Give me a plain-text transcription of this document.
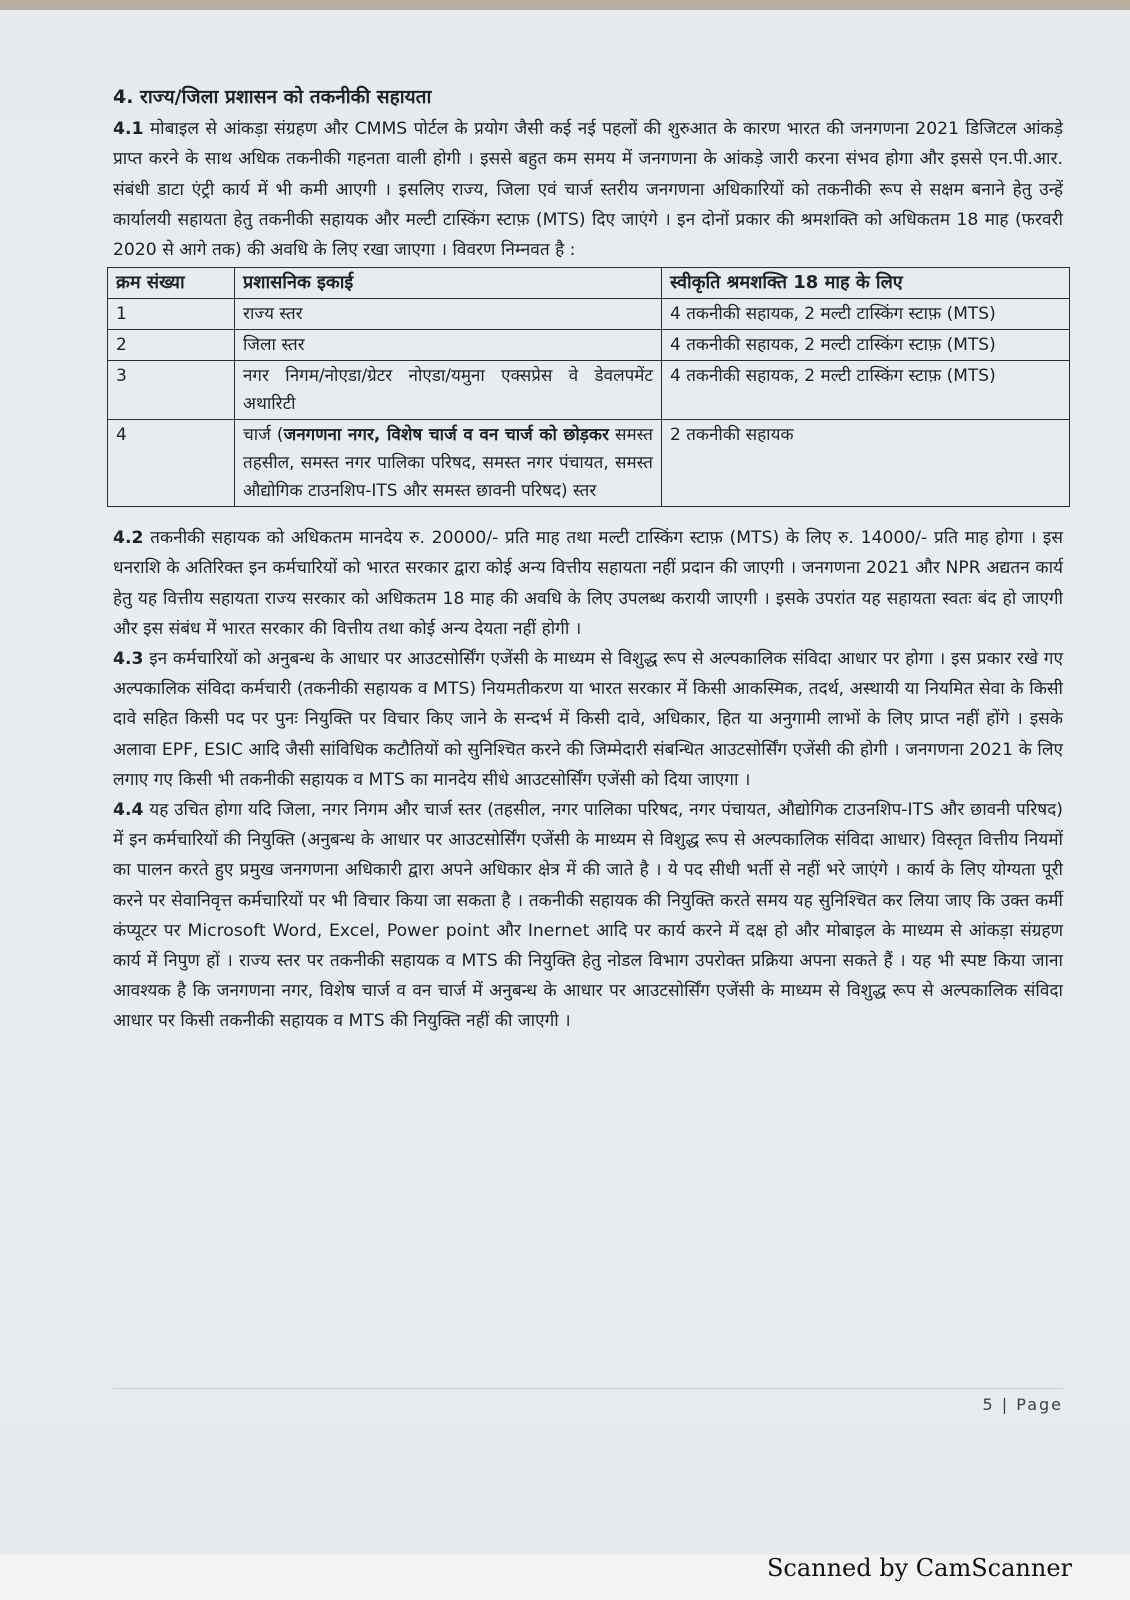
4. राज्य/जिला प्रशासन को तकनीकी सहायता

4.1 मोबाइल से आंकड़ा संग्रहण और CMMS पोर्टल के प्रयोग जैसी कई नई पहलों की शुरुआत के कारण भारत की जनगणना 2021 डिजिटल आंकड़े प्राप्त करने के साथ अधिक तकनीकी गहनता वाली होगी । इससे बहुत कम समय में जनगणना के आंकड़े जारी करना संभव होगा और इससे एन.पी.आर. संबंधी डाटा एंट्री कार्य में भी कमी आएगी । इसलिए राज्य, जिला एवं चार्ज स्तरीय जनगणना अधिकारियों को तकनीकी रूप से सक्षम बनाने हेतु उन्हें कार्यालयी सहायता हेतु तकनीकी सहायक और मल्टी टास्किंग स्टाफ़ (MTS) दिए जाएंगे । इन दोनों प्रकार की श्रमशक्ति को अधिकतम 18 माह (फरवरी 2020 से आगे तक) की अवधि के लिए रखा जाएगा । विवरण निम्नवत है :

क्रम संख्या	प्रशासनिक इकाई	स्वीकृति श्रमशक्ति 18 माह के लिए
1	राज्य स्तर	4 तकनीकी सहायक, 2 मल्टी टास्किंग स्टाफ़ (MTS)
2	जिला स्तर	4 तकनीकी सहायक, 2 मल्टी टास्किंग स्टाफ़ (MTS)
3	नगर निगम/नोएडा/ग्रेटर नोएडा/यमुना एक्सप्रेस वे डेवलपमेंट अथारिटी	4 तकनीकी सहायक, 2 मल्टी टास्किंग स्टाफ़ (MTS)
4	चार्ज (जनगणना नगर, विशेष चार्ज व वन चार्ज को छोड़कर समस्त तहसील, समस्त नगर पालिका परिषद, समस्त नगर पंचायत, समस्त औद्योगिक टाउनशिप-ITS और समस्त छावनी परिषद) स्तर	2 तकनीकी सहायक

4.2 तकनीकी सहायक को अधिकतम मानदेय रु. 20000/- प्रति माह तथा मल्टी टास्किंग स्टाफ़ (MTS) के लिए रु. 14000/- प्रति माह होगा । इस धनराशि के अतिरिक्त इन कर्मचारियों को भारत सरकार द्वारा कोई अन्य वित्तीय सहायता नहीं प्रदान की जाएगी । जनगणना 2021 और NPR अद्यतन कार्य हेतु यह वित्तीय सहायता राज्य सरकार को अधिकतम 18 माह की अवधि के लिए उपलब्ध करायी जाएगी । इसके उपरांत यह सहायता स्वतः बंद हो जाएगी और इस संबंध में भारत सरकार की वित्तीय तथा कोई अन्य देयता नहीं होगी ।

4.3 इन कर्मचारियों को अनुबन्ध के आधार पर आउटसोर्सिंग एजेंसी के माध्यम से विशुद्ध रूप से अल्पकालिक संविदा आधार पर होगा । इस प्रकार रखे गए अल्पकालिक संविदा कर्मचारी (तकनीकी सहायक व MTS) नियमतीकरण या भारत सरकार में किसी आकस्मिक, तदर्थ, अस्थायी या नियमित सेवा के किसी दावे सहित किसी पद पर पुनः नियुक्ति पर विचार किए जाने के सन्दर्भ में किसी दावे, अधिकार, हित या अनुगामी लाभों के लिए प्राप्त नहीं होंगे । इसके अलावा EPF, ESIC आदि जैसी सांविधिक कटौतियों को सुनिश्चित करने की जिम्मेदारी संबन्धित आउटसोर्सिंग एजेंसी की होगी । जनगणना 2021 के लिए लगाए गए किसी भी तकनीकी सहायक व MTS का मानदेय सीधे आउटसोर्सिंग एजेंसी को दिया जाएगा ।

4.4 यह उचित होगा यदि जिला, नगर निगम और चार्ज स्तर (तहसील, नगर पालिका परिषद, नगर पंचायत, औद्योगिक टाउनशिप-ITS और छावनी परिषद) में इन कर्मचारियों की नियुक्ति (अनुबन्ध के आधार पर आउटसोर्सिंग एजेंसी के माध्यम से विशुद्ध रूप से अल्पकालिक संविदा आधार) विस्तृत वित्तीय नियमों का पालन करते हुए प्रमुख जनगणना अधिकारी द्वारा अपने अधिकार क्षेत्र में की जाते है । ये पद सीधी भर्ती से नहीं भरे जाएंगे । कार्य के लिए योग्यता पूरी करने पर सेवानिवृत्त कर्मचारियों पर भी विचार किया जा सकता है । तकनीकी सहायक की नियुक्ति करते समय यह सुनिश्चित कर लिया जाए कि उक्त कर्मी कंप्यूटर पर Microsoft Word, Excel, Power point और Inernet आदि पर कार्य करने में दक्ष हो और मोबाइल के माध्यम से आंकड़ा संग्रहण कार्य में निपुण हों । राज्य स्तर पर तकनीकी सहायक व MTS की नियुक्ति हेतु नोडल विभाग उपरोक्त प्रक्रिया अपना सकते हैं । यह भी स्पष्ट किया जाना आवश्यक है कि जनगणना नगर, विशेष चार्ज व वन चार्ज में अनुबन्ध के आधार पर आउटसोर्सिंग एजेंसी के माध्यम से विशुद्ध रूप से अल्पकालिक संविदा आधार पर किसी तकनीकी सहायक व MTS की नियुक्ति नहीं की जाएगी ।

5 | Page
Scanned by CamScanner
